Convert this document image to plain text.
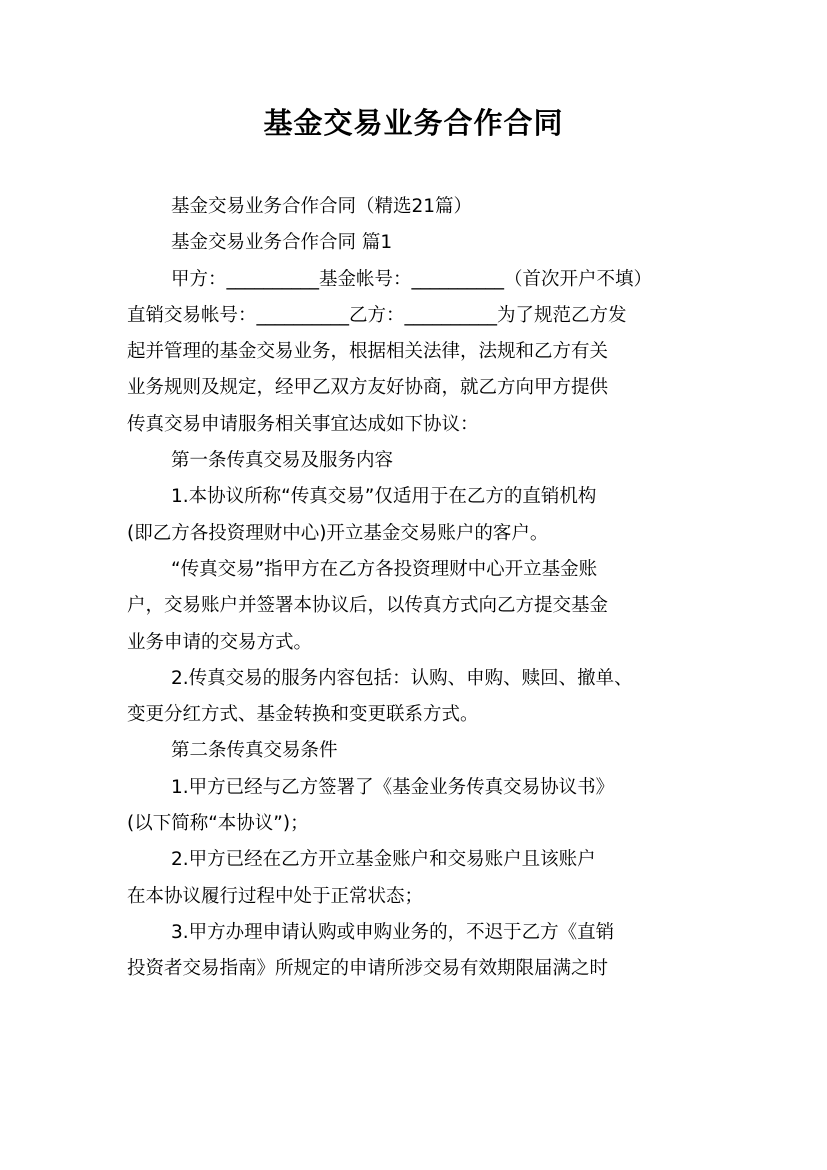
基金交易业务合作合同
基金交易业务合作合同（精选21篇）
基金交易业务合作合同 篇1
甲方：__________基金帐号：__________（首次开户不填）
直销交易帐号：__________乙方：__________为了规范乙方发
起并管理的基金交易业务，根据相关法律，法规和乙方有关
业务规则及规定，经甲乙双方友好协商，就乙方向甲方提供
传真交易申请服务相关事宜达成如下协议：
第一条传真交易及服务内容
1.本协议所称“传真交易”仅适用于在乙方的直销机构
(即乙方各投资理财中心)开立基金交易账户的客户。
“传真交易”指甲方在乙方各投资理财中心开立基金账
户，交易账户并签署本协议后，以传真方式向乙方提交基金
业务申请的交易方式。
2.传真交易的服务内容包括：认购、申购、赎回、撤单、
变更分红方式、基金转换和变更联系方式。
第二条传真交易条件
1.甲方已经与乙方签署了《基金业务传真交易协议书》
(以下简称“本协议”)；
2.甲方已经在乙方开立基金账户和交易账户且该账户
在本协议履行过程中处于正常状态；
3.甲方办理申请认购或申购业务的，不迟于乙方《直销
投资者交易指南》所规定的申请所涉交易有效期限届满之时
